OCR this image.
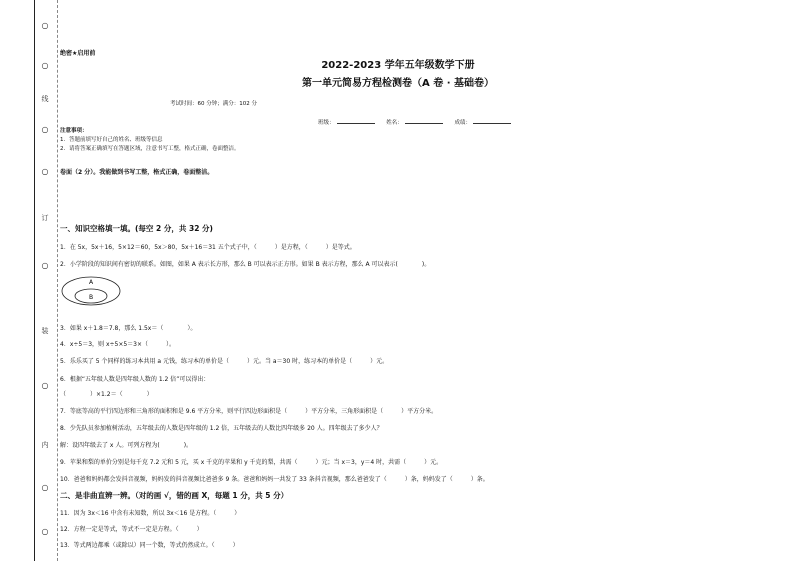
○
○
线
○
○
订
○
装
○
内
○
○
绝密★启用前
2022-2023 学年五年级数学下册
第一单元简易方程检测卷（A 卷 · 基础卷）
考试时间：60 分钟；满分：102 分
班级：	姓名：	成绩：
注意事项：
1．答题前填写好自己的姓名、班级等信息
2．请将答案正确填写在答题区域，注意书写工整，格式正确，卷面整洁。
卷面（2 分）。我能做到书写工整，格式正确，卷面整洁。
一、知识空格填一填。(每空 2 分，共 32 分)
1．在 5x，5x＋16，5×12＝60，5x＞80，5x＋16＝31 五个式子中，（　　　）是方程，（　　　）是等式。
2．小学阶段的知识间有密切的联系。如图，如果 A 表示长方形，那么 B 可以表示正方形。如果 B 表示方程，那么 A 可以表示(　　　　)。
A
B
3．如果 x＋1.8＝7.8，那么 1.5x＝（　　　　）。
4．x÷5＝3，则 x÷5×5＝3×（　　　）。
5．乐乐买了 5 个同样的练习本共用 a 元钱，练习本的单价是（　　　）元。当 a＝30 时，练习本的单价是（　　　）元。
6．根据“五年级人数是四年级人数的 1.2 倍”可以得出：
（　　　　）×1.2＝（　　　　）
7．等底等高的平行四边形和三角形的面积和是 9.6 平方分米，则平行四边形面积是（　　　）平方分米，三角形面积是（　　　）平方分米。
8．少先队员参加植树活动，五年级去的人数是四年级的 1.2 倍，五年级去的人数比四年级多 20 人。四年级去了多少人？
解：设四年级去了 x 人。可列方程为(　　　　)。
9．苹果和梨的单价分别是每千克 7.2 元和 5 元，买 x 千克的苹果和 y 千克的梨，共需（　　　）元；当 x＝3，y＝4 时，共需（　　　）元。
10．爸爸和妈妈都会发抖音视频，妈妈发的抖音视频比爸爸多 9 条。爸爸和妈妈一共发了 33 条抖音视频，那么爸爸发了（　　　）条，妈妈发了（　　　）条。
二、是非曲直辨一辨。（对的画 √，错的画 X，每题 1 分，共 5 分）
11．因为 3x＜16 中含有未知数，所以 3x＜16 是方程。（　　　）
12．方程一定是等式，等式不一定是方程。（　　　）
13．等式两边都乘（或除以）同一个数，等式仍然成立。（　　　）
